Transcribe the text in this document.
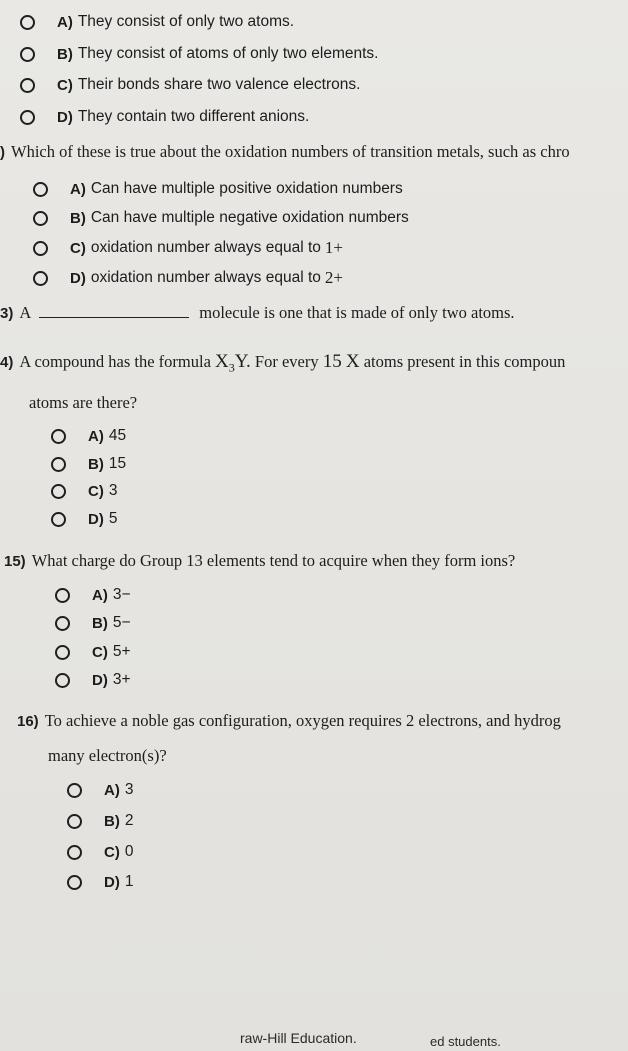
A) They consist of only two atoms.
B) They consist of atoms of only two elements.
C) Their bonds share two valence electrons.
D) They contain two different anions.
) Which of these is true about the oxidation numbers of transition metals, such as chro
A) Can have multiple positive oxidation numbers
B) Can have multiple negative oxidation numbers
C) oxidation number always equal to
1+
D) oxidation number always equal to
2+
3) A	molecule is one that is made of only two atoms.
4) A compound has the formula $X_3Y$. For every 15 X atoms present in this compoun
atoms are there?
A) 45
B) 15
C) 3
D) 5
15) What charge do Group 13 elements tend to acquire when they form ions?
A) 3−
B) 5−
C) 5+
D) 3+
16) To achieve a noble gas configuration, oxygen requires 2 electrons, and hydrog
many electron(s)?
A) 3
B) 2
C) 0
D) 1
raw-Hill Education.	ed students.
